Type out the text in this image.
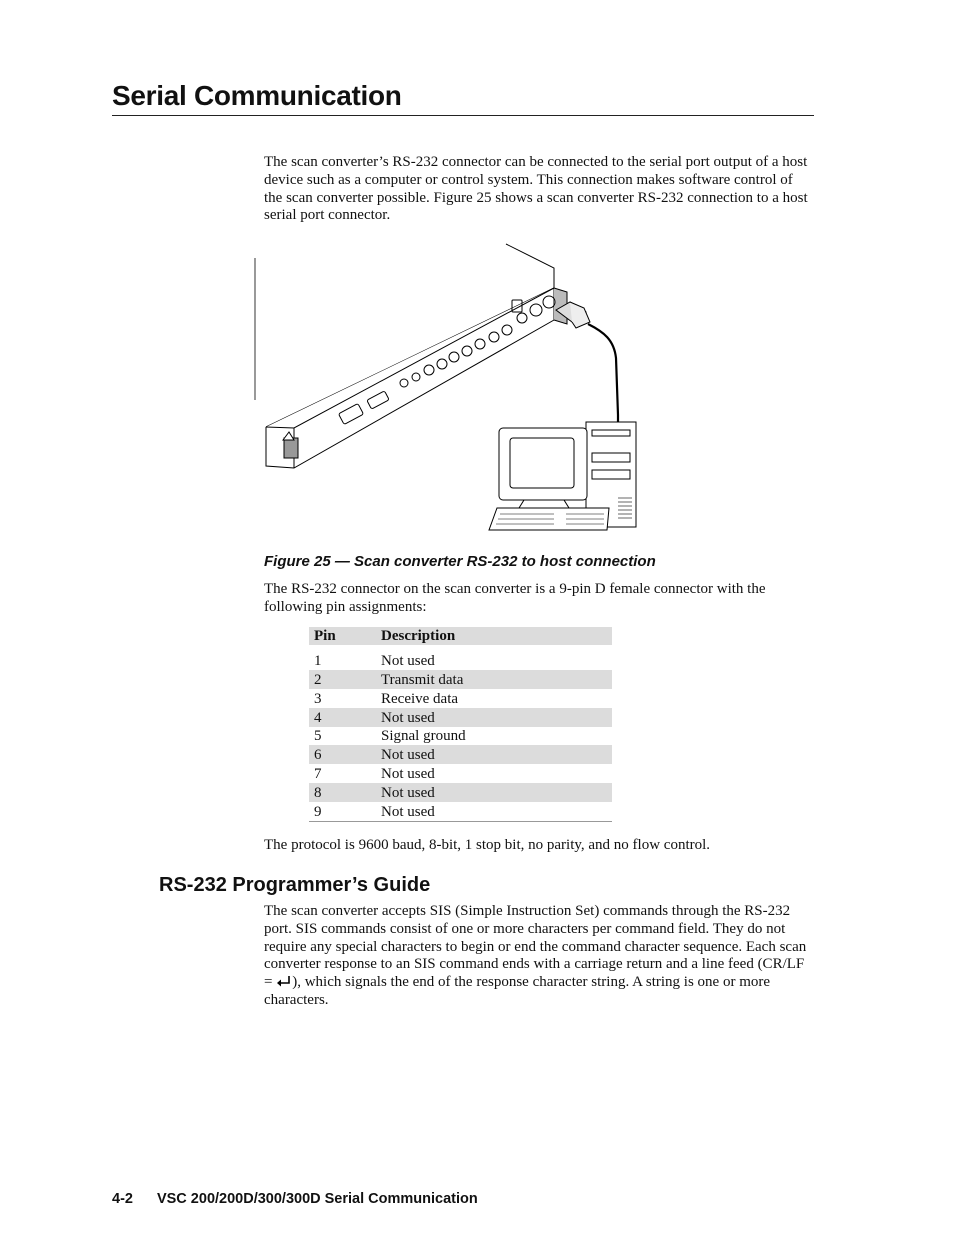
Serial Communication

The scan converter’s RS-232 connector can be connected to the serial port output of a host device such as a computer or control system. This connection makes software control of the scan converter possible. Figure 25 shows a scan converter RS-232 connection to a host serial port connector.

Figure 25 — Scan converter RS-232 to host connection

The RS-232 connector on the scan converter is a 9-pin D female connector with the following pin assignments:

Pin	Description

1	Not used
2	Transmit data
3	Receive data
4	Not used
5	Signal ground
6	Not used
7	Not used
8	Not used
9	Not used

The protocol is 9600 baud, 8-bit, 1 stop bit, no parity, and no flow control.

RS-232 Programmer’s Guide

The scan converter accepts SIS (Simple Instruction Set) commands through the RS-232 port. SIS commands consist of one or more characters per command field. They do not require any special characters to begin or end the command character sequence. Each scan converter response to an SIS command ends with a carriage return and a line feed (CR/LF = ), which signals the end of the response character string. A string is one or more characters.

4-2 VSC 200/200D/300/300D Serial Communication
